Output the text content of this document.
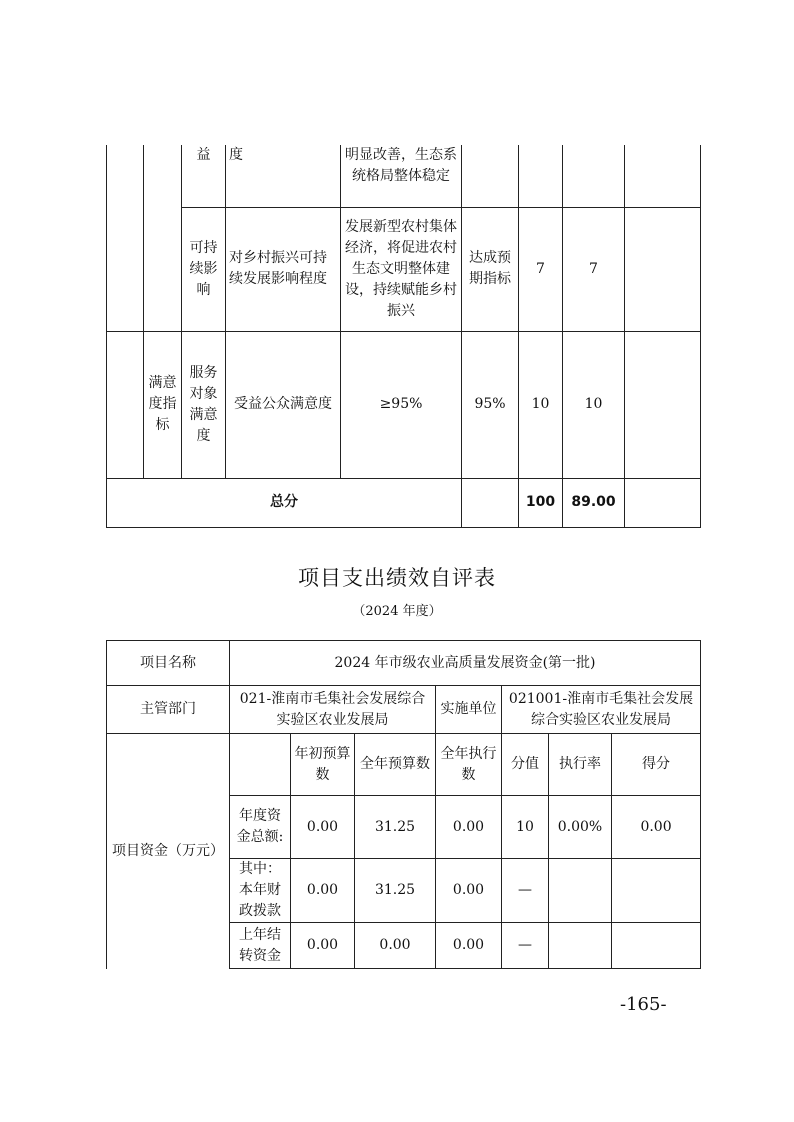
		益	度	明显改善，生态系统格局整体稳定				
		可持续影响	对乡村振兴可持续发展影响程度	发展新型农村集体经济，将促进农村生态文明整体建设，持续赋能乡村振兴	达成预期指标	7	7	
	满意度指标	服务对象满意度	受益公众满意度	≥95%	95%	10	10	
总分						100	89.00	
项目支出绩效自评表
（2024 年度）
项目名称	2024 年市级农业高质量发展资金(第一批)						
主管部门	021-淮南市毛集社会发展综合实验区农业发展局			实施单位	021001-淮南市毛集社会发展综合实验区农业发展局		
项目资金（万元）		年初预算数	全年预算数	全年执行数	分值	执行率	得分
	年度资金总额:	0.00	31.25	0.00	10	0.00%	0.00
	其中：本年财政拨款	0.00	31.25	0.00	—		
	上年结转资金	0.00	0.00	0.00	—		
-165-
